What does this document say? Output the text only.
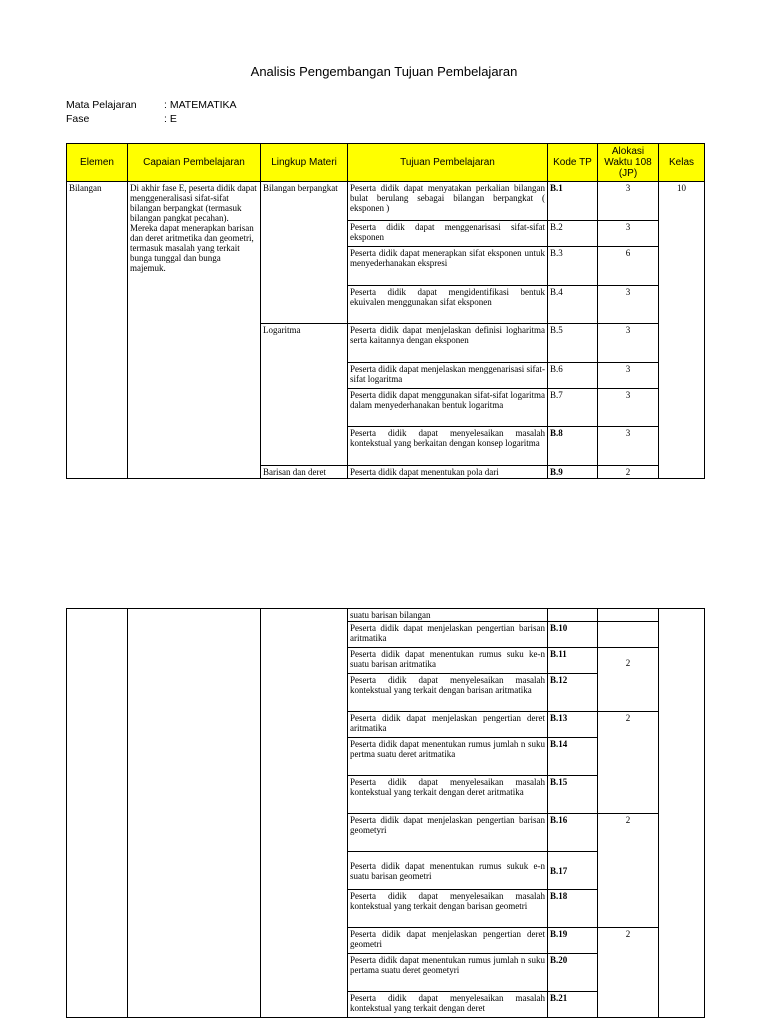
Analisis Pengembangan Tujuan Pembelajaran
Mata Pelajaran	: MATEMATIKA
Fase	: E
Elemen	Capaian Pembelajaran	Lingkup Materi	Tujuan Pembelajaran	Kode TP	Alokasi Waktu 108 (JP)	Kelas
Bilangan	Di akhir fase E, peserta didik dapat menggeneralisasi sifat-sifat bilangan berpangkat (termasuk bilangan pangkat pecahan). Mereka dapat menerapkan barisan dan deret aritmetika dan geometri, termasuk masalah yang terkait bunga tunggal dan bunga majemuk.	Bilangan berpangkat	Peserta didik dapat menyatakan perkalian bilangan bulat berulang sebagai bilangan berpangkat ( eksponen )	B.1	3	10
			Peserta didik dapat menggenarisasi sifat-sifat eksponen	B.2	3	
			Peserta didik dapat menerapkan sifat eksponen untuk menyederhanakan ekspresi	B.3	6	
			Peserta didik dapat mengidentifikasi bentuk ekuivalen menggunakan sifat eksponen	B.4	3	
		Logaritma	Peserta didik dapat menjelaskan definisi logharitma serta kaitannya dengan eksponen	B.5	3	
			Peserta didik dapat menjelaskan menggenarisasi sifat-sifat logaritma	B.6	3	
			Peserta didik dapat menggunakan sifat-sifat logaritma dalam menyederhanakan bentuk logaritma	B.7	3	
			Peserta didik dapat menyelesaikan masalah kontekstual yang berkaitan dengan konsep logaritma	B.8	3	
		Barisan dan deret	Peserta didik dapat menentukan pola dari	B.9	2	
			suatu barisan bilangan			
			Peserta didik dapat menjelaskan pengertian barisan aritmatika	B.10		
			Peserta didik dapat menentukan rumus suku ke-n suatu barisan aritmatika	B.11	2	
			Peserta didik dapat menyelesaikan masalah kontekstual yang terkait dengan barisan aritmatika	B.12		
			Peserta didik dapat menjelaskan pengertian deret aritmatika	B.13	2	
			Peserta didik dapat menentukan rumus jumlah n suku pertma suatu deret aritmatika	B.14		
			Peserta didik dapat menyelesaikan masalah kontekstual yang terkait dengan deret aritmatika	B.15		
			Peserta didik dapat menjelaskan pengertian barisan geometyri	B.16	2	
			Peserta didik dapat menentukan rumus sukuk e-n suatu barisan geometri	B.17		
			Peserta didik dapat menyelesaikan masalah kontekstual yang terkait dengan barisan geometri	B.18		
			Peserta didik dapat menjelaskan pengertian deret geometri	B.19	2	
			Peserta didik dapat menentukan rumus jumlah n suku pertama suatu deret geometyri	B.20		
			Peserta didik dapat menyelesaikan masalah kontekstual yang terkait dengan deret	B.21		
